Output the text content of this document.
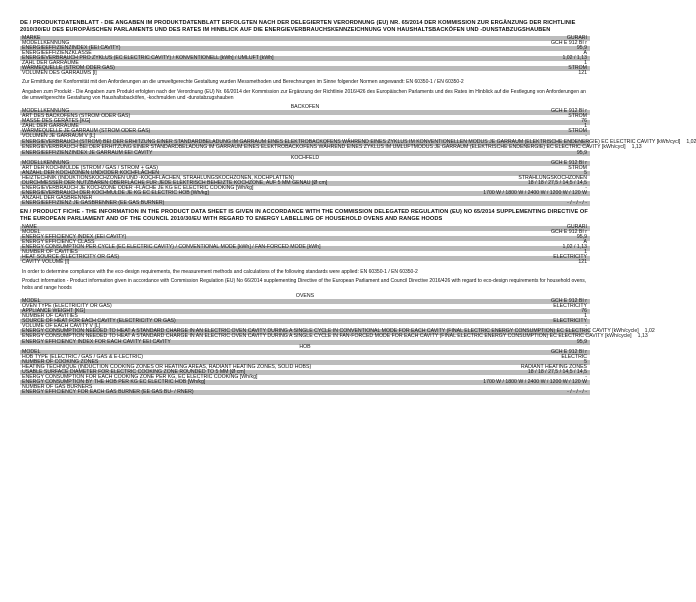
DE / PRODUKTDATENBLATT - DIE ANGABEN IM PRODUKTDATENBLATT ERFOLGTEN NACH DER DELEGIERTEN VERORDNUNG (EU) NR. 65/2014 DER KOMMISSION ZUR ERGÄNZUNG DER RICHTLINIE 2010/30/EU DES EUROPÄISCHEN PARLAMENTS UND DES RATES IM HINBLICK AUF DIE ENERGIEVERBRAUCHSKENNZEICHNUNG VON HAUSHALTSBACKÖFEN UND -DUNSTABZUGSHAUBEN
MARKE	GURARI
MODELLKENNUNG	GCH E 912 BI r
ENERGIEEFFIZIENZINDEX (EEI CAVITY)	95,9
ENERGIEEFFIZIENZKLASSE	A
ENERGIEVERBRAUCH PRO ZYKLUS (EC ELECTRIC CAVITY) / KONVENTIONELL [kWh] / UMLUFT [kWh]	1,02 / 1,13
ZAHL DER GARRÄUME	1
WÄRMEQUELLE (STROM ODER GAS)	STROM
VOLUMEN DES GARRAUMS [l]	121
Zur Ermittlung der Konformität mit den Anforderungen an die umweltgerechte Gestaltung wurden Messmethoden und Berechnungen im Sinne folgender Normen angewandt: EN 60350-1 / EN 60350-2
Angaben zum Produkt - Die Angaben zum Produkt erfolgten nach der Verordnung (EU) Nr. 66/2014 der Kommission zur Ergänzung der Richtlinie 2016/426 des Europäischen Parlaments und des Rates im Hinblick auf die Festlegung von Anforderungen an die umweltgerechte Gestaltung von Haushaltsbacköfen, -kochmulden und -dunstabzugshauben
BACKOFEN
MODELLKENNUNG	GCH E 912 BI r
ART DES BACKOFENS (STROM ODER GAS)	STROM
MASSE DES GERÄTES [KG]	76
ZAHL DER GARRÄUME	1
WÄRMEQUELLE JE GARRAUM (STROM ODER GAS)	STROM
VOLUMEN JE GARRAUM V [L]	-
ENERGIEVERBRAUCH (STROM) BEI DER ERHITZUNG EINER STANDARDBELADUNG IM GARRAUM EINES ELEKTROBACKOFENS WÄHREND EINES ZYKLUS IM KONVENTIONELLEN MODUS JE GARRAUM (ELEKTRISCHE ENDENERGIE) EC ELECTRIC CAVITY [kWh/cycl]	1,02
ENERGIEVERBRAUCH BEI DER ERHITZUNG EINER STANDARDBELADUNG IM GARRAUM EINES ELEKTROBACKOFENS WÄHREND EINES ZYKLUS IM UMLUFTMODUS JE GARRAUM (ELEKTRISCHE ENDENERGIE) EC ELECTRIC CAVITY [kWh/cycl]	1,13
ENERGIEEFFIZIENZINDEX JE GARRAUM EEI CAVITY	95,9
KOCHFELD
MODELLKENNUNG	GCH E 912 BI r
ART DER KOCHMULDE (STROM / GAS / STROM + GAS)	STROM
ANZAHL DER KOCHZONEN UND/ODER KOCHFLÄCHEN	5
HEIZTECHNIK (INDUKTIONSKOCHZONEN UND -KOCHFLÄCHEN, STRAHLUNGSKOCHZONEN, KOCHPLATTEN)	STRAHLUNGSKOCHZONEN
DURCHMESSER DER NUTZBAREN OBERFLÄCHE FÜR JEDE ELEKTRISCH BEHEIZTE KOCHZONE, AUF 5 MM GENAU [Ø cm]	18 / 18 / 27,5 / 14,5 / 14,5
ENERGIEVERBRAUCH JE KOCHZONE ODER -FLÄCHE JE KG EC ELECTRIC COOKING [Wh/kg]	-
ENERGIEVERBRAUCH DER KOCHMULDE JE KG EC ELECTRIC HOB [Wh/kg]	1700 W / 1800 W / 2400 W / 1200 W / 120 W
ANZAHL DER GASBRENNER
ENERGIEEFFIZIENZ JE GASBRENNER (EE GAS BURNER)	- / - / - / -
EN / PRODUCT FICHE - THE INFORMATION IN THE PRODUCT DATA SHEET IS GIVEN IN ACCORDANCE WITH THE COMMISSION DELEGATED REGULATION (EU) NO 65/2014 SUPPLEMENTING DIRECTIVE OF THE EUROPEAN PARLIAMENT AND OF THE COUNCIL 2010/30/EU WITH REGARD TO ENERGY LABELLING OF HOUSEHOLD OVENS AND RANGE HOODS
NAME	GURARI
MODEL	GCH E 912 BI r
ENERGY EFFICIENCY INDEX (EEI CAVITY)	95,9
ENERGY EFFICIENCY CLASS	A
ENERGY CONSUMPTION PER CYCLE (EC ELECTRIC CAVITY) / CONVENTIONAL MODE [kWh] / FAN-FORCED MODE [kWh]	1,02 / 1,13
NUMBER OF CAVITIES	1
HEAT SOURCE (ELECTRICITY OR GAS)	ELECTRICITY
CAVITY VOLUME [l]	121
In order to determine compliance with the eco-design requirements, the measurement methods and calculations of the following standards were applied: EN 60350-1 / EN 60350-2
Product information - Product information given in accordance with Commission Regulation (EU) No 66/2014 supplementing Directive of the European Parliament and Council Directive 2016/426 with regard to eco-design requirements for household ovens, hobs and range hoods
OVENS
MODEL	GCH E 912 BI r
OVEN TYPE (ELECTRICITY OR GAS)	ELECTRICITY
APPLIANCE WEIGHT [KG]	76
NUMBER OF CAVITIES	1
SOURCE OF HEAT FOR EACH CAVITY (ELECTRICITY OR GAS)	ELECTRICITY
VOLUME OF EACH CAVITY V [L]	-
ENERGY CONSUMPTION NEEDED TO HEAT A STANDARD CHARGE IN AN ELECTRIC OVEN CAVITY DURING A SINGLE CYCLE IN CONVENTIONAL MODE FOR EACH CAVITY (FINAL ELECTRIC ENERGY CONSUMPTION) EC ELECTRIC CAVITY [kWh/cycle]	1,02
ENERGY CONSUMPTION NEEDED TO HEAT A STANDARD CHARGE IN AN ELECTRIC OVEN CAVITY DURING A SINGLE CYCLE IN FAN-FORCED MODE FOR EACH CAVITY (FINAL ELECTRIC ENERGY CONSUMPTION) EC ELECTRIC CAVITY [kWh/cycle]	1,13
ENERGY EFFICIENCY INDEX FOR EACH CAVITY EEI CAVITY	95,9
HOB
MODEL	GCH E 912 BI r
HOB TYPE (ELECTRIC / GAS / GAS & E-LECTRIC)	ELECTRIC
NUMBER OF COOKING ZONES	5
HEATING TECHNIQUE (INDUCTION COOKING ZONES OR HEATING AREAS, RADIANT HEATING ZONES, SOLID HOBS)	RADIANT HEATING ZONES
USABLE SURFACE DIAMETER FOR ELECTRIC COOKING ZONE ROUNDED TO 5 MM [Ø cm]	18 / 18 / 27,5 / 14,5 / 14,5
ENERGY CONSUMPTION FOR EACH COOKING ZONE PER KG, EC ELECTRIC COOKING [Wh/kg]	-
ENERGY CONSUMPTION BY THE HOB PER KG EC ELECTRIC HOB [Wh/kg]	1700 W / 1800 W / 2400 W / 1200 W / 120 W
NUMBER OF GAS BURNERS
ENERGY EFFICIENCY FOR EACH GAS BURNER (EE GAS BU- / RNER)	- / - / - / -
